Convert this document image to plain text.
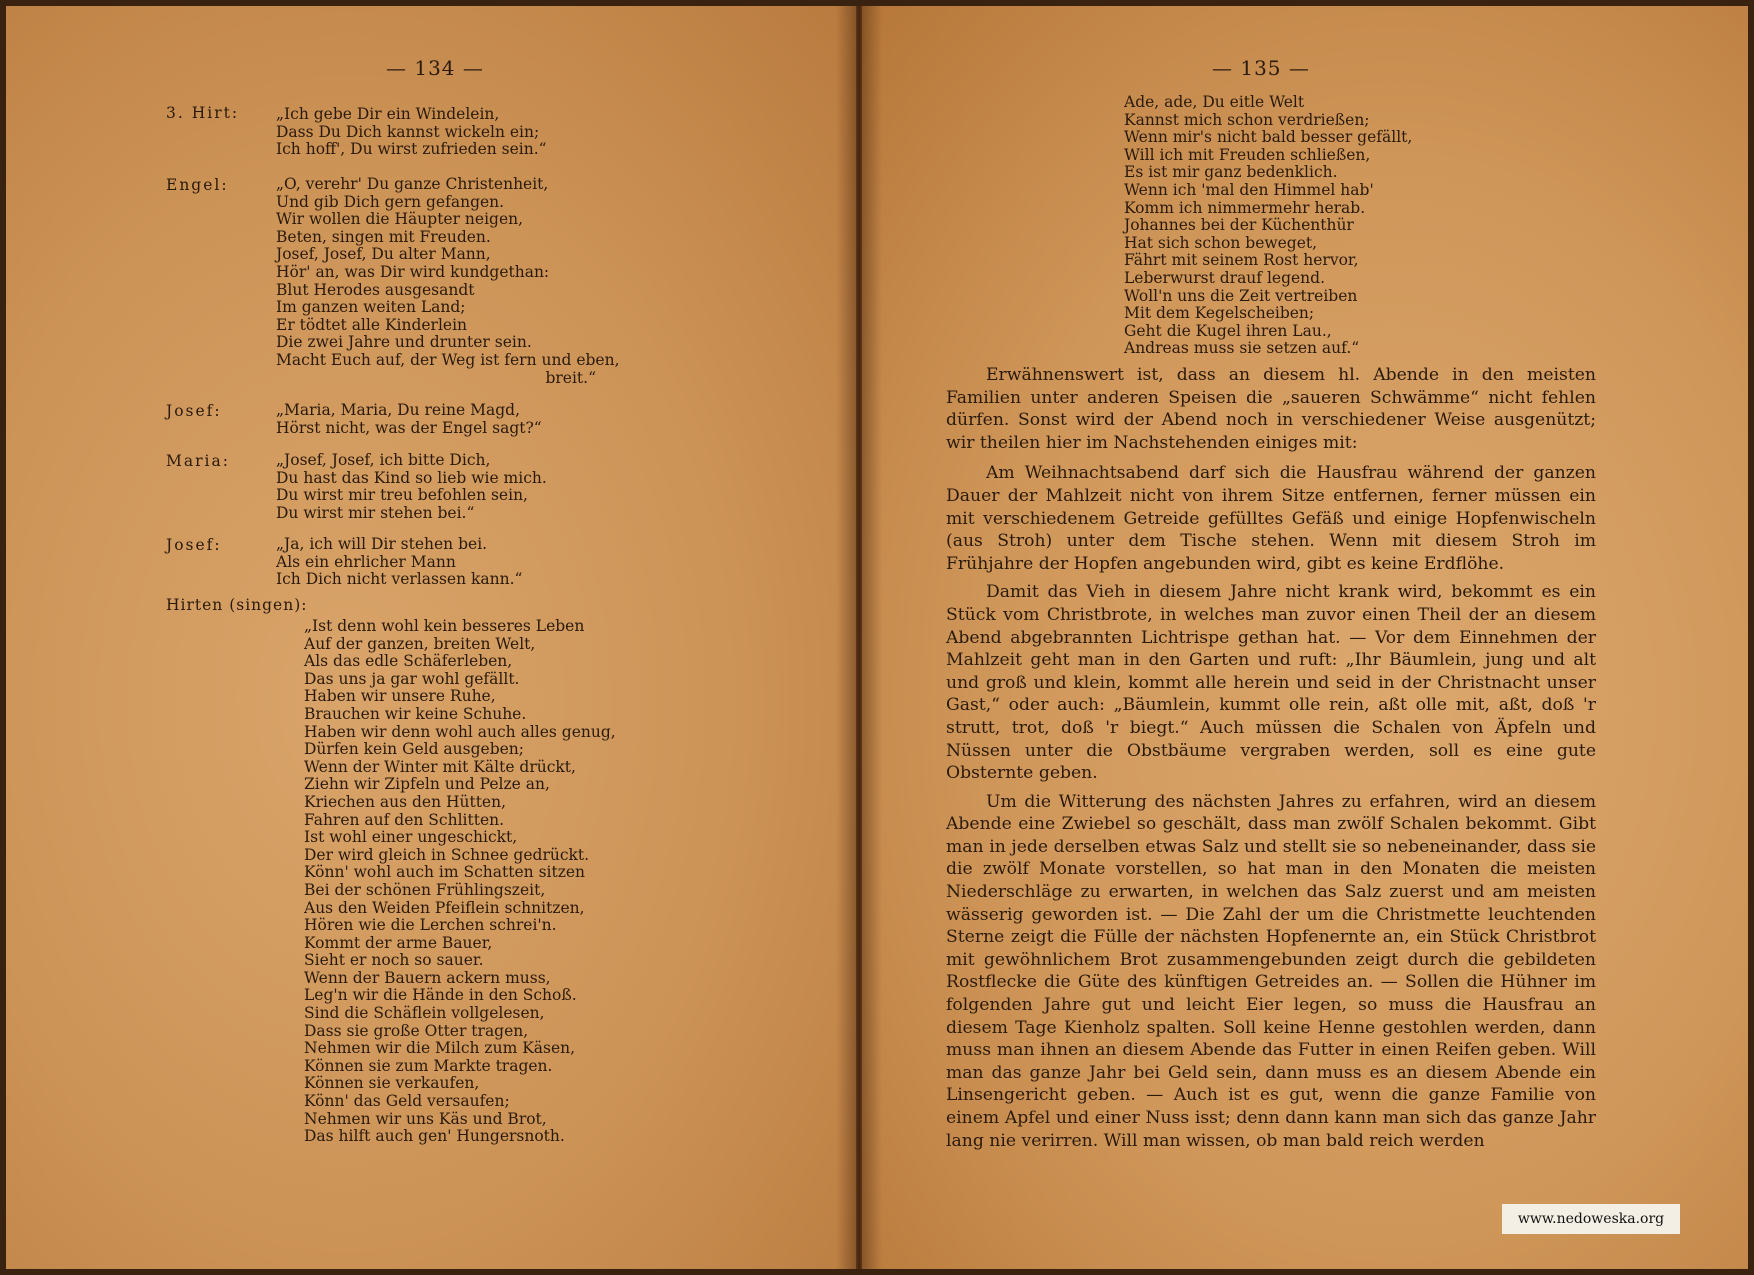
— 134 —
3. Hirt: „Ich gebe Dir ein Windelein,
Dass Du Dich kannst wickeln ein;
Ich hoff', Du wirst zufrieden sein.“
Engel:	„O, verehr' Du ganze Christenheit,
Und gib Dich gern gefangen.
Wir wollen die Häupter neigen,
Beten, singen mit Freuden.
Josef, Josef, Du alter Mann,
Hör' an, was Dir wird kundgethan:
Blut Herodes ausgesandt
Im ganzen weiten Land;
Er tödtet alle Kinderlein
Die zwei Jahre und drunter sein.
Macht Euch auf, der Weg ist fern und eben,
breit.“
Josef:	„Maria, Maria, Du reine Magd,
Hörst nicht, was der Engel sagt?“
Maria:	„Josef, Josef, ich bitte Dich,
Du hast das Kind so lieb wie mich.
Du wirst mir treu befohlen sein,
Du wirst mir stehen bei.“
Josef:	„Ja, ich will Dir stehen bei.
Als ein ehrlicher Mann
Ich Dich nicht verlassen kann.“
Hirten (singen):
„Ist denn wohl kein besseres Leben
Auf der ganzen, breiten Welt,
Als das edle Schäferleben,
Das uns ja gar wohl gefällt.
Haben wir unsere Ruhe,
Brauchen wir keine Schuhe.
Haben wir denn wohl auch alles genug,
Dürfen kein Geld ausgeben;
Wenn der Winter mit Kälte drückt,
Ziehn wir Zipfeln und Pelze an,
Kriechen aus den Hütten,
Fahren auf den Schlitten.
Ist wohl einer ungeschickt,
Der wird gleich in Schnee gedrückt.
Könn' wohl auch im Schatten sitzen
Bei der schönen Frühlingszeit,
Aus den Weiden Pfeiflein schnitzen,
Hören wie die Lerchen schrei'n.
Kommt der arme Bauer,
Sieht er noch so sauer.
Wenn der Bauern ackern muss,
Leg'n wir die Hände in den Schoß.
Sind die Schäflein vollgelesen,
Dass sie große Otter tragen,
Nehmen wir die Milch zum Käsen,
Können sie zum Markte tragen.
Können sie verkaufen,
Könn' das Geld versaufen;
Nehmen wir uns Käs und Brot,
Das hilft auch gen' Hungersnoth.
— 135 —
Ade, ade, Du eitle Welt
Kannst mich schon verdrießen;
Wenn mir's nicht bald besser gefällt,
Will ich mit Freuden schließen,
Es ist mir ganz bedenklich.
Wenn ich 'mal den Himmel hab'
Komm ich nimmermehr herab.
Johannes bei der Küchenthür
Hat sich schon beweget,
Fährt mit seinem Rost hervor,
Leberwurst drauf legend.
Woll'n uns die Zeit vertreiben
Mit dem Kegelscheiben;
Geht die Kugel ihren Lau.,
Andreas muss sie setzen auf.“

Erwähnenswert ist, dass an diesem hl. Abende in den meisten Familien unter anderen Speisen die „saueren Schwämme“ nicht fehlen dürfen. Sonst wird der Abend noch in verschiedener Weise ausgenützt; wir theilen hier im Nachstehenden einiges mit:

Am Weihnachtsabend darf sich die Hausfrau während der ganzen Dauer der Mahlzeit nicht von ihrem Sitze entfernen, ferner müssen ein mit verschiedenem Getreide gefülltes Gefäß und einige Hopfenwischeln (aus Stroh) unter dem Tische stehen. Wenn mit diesem Stroh im Frühjahre der Hopfen angebunden wird, gibt es keine Erdflöhe.

Damit das Vieh in diesem Jahre nicht krank wird, bekommt es ein Stück vom Christbrote, in welches man zuvor einen Theil der an diesem Abend abgebrannten Lichtrispe gethan hat. — Vor dem Einnehmen der Mahlzeit geht man in den Garten und ruft: „Ihr Bäumlein, jung und alt und groß und klein, kommt alle herein und seid in der Christnacht unser Gast,“ oder auch: „Bäumlein, kummt olle rein, aßt olle mit, aßt, doß 'r strutt, trot, doß 'r biegt.“ Auch müssen die Schalen von Äpfeln und Nüssen unter die Obstbäume vergraben werden, soll es eine gute Obsternte geben.

Um die Witterung des nächsten Jahres zu erfahren, wird an diesem Abende eine Zwiebel so geschält, dass man zwölf Schalen bekommt. Gibt man in jede derselben etwas Salz und stellt sie so nebeneinander, dass sie die zwölf Monate vorstellen, so hat man in den Monaten die meisten Niederschläge zu erwarten, in welchen das Salz zuerst und am meisten wässerig geworden ist. — Die Zahl der um die Christmette leuchtenden Sterne zeigt die Fülle der nächsten Hopfenernte an, ein Stück Christbrot mit gewöhnlichem Brot zusammengebunden zeigt durch die gebildeten Rostflecke die Güte des künftigen Getreides an. — Sollen die Hühner im folgenden Jahre gut und leicht Eier legen, so muss die Hausfrau an diesem Tage Kienholz spalten. Soll keine Henne gestohlen werden, dann muss man ihnen an diesem Abende das Futter in einen Reifen geben. Will man das ganze Jahr bei Geld sein, dann muss es an diesem Abende ein Linsengericht geben. — Auch ist es gut, wenn die ganze Familie von einem Apfel und einer Nuss isst; denn dann kann man sich das ganze Jahr lang nie verirren. Will man wissen, ob man bald reich werden

www.nedoweska.org
